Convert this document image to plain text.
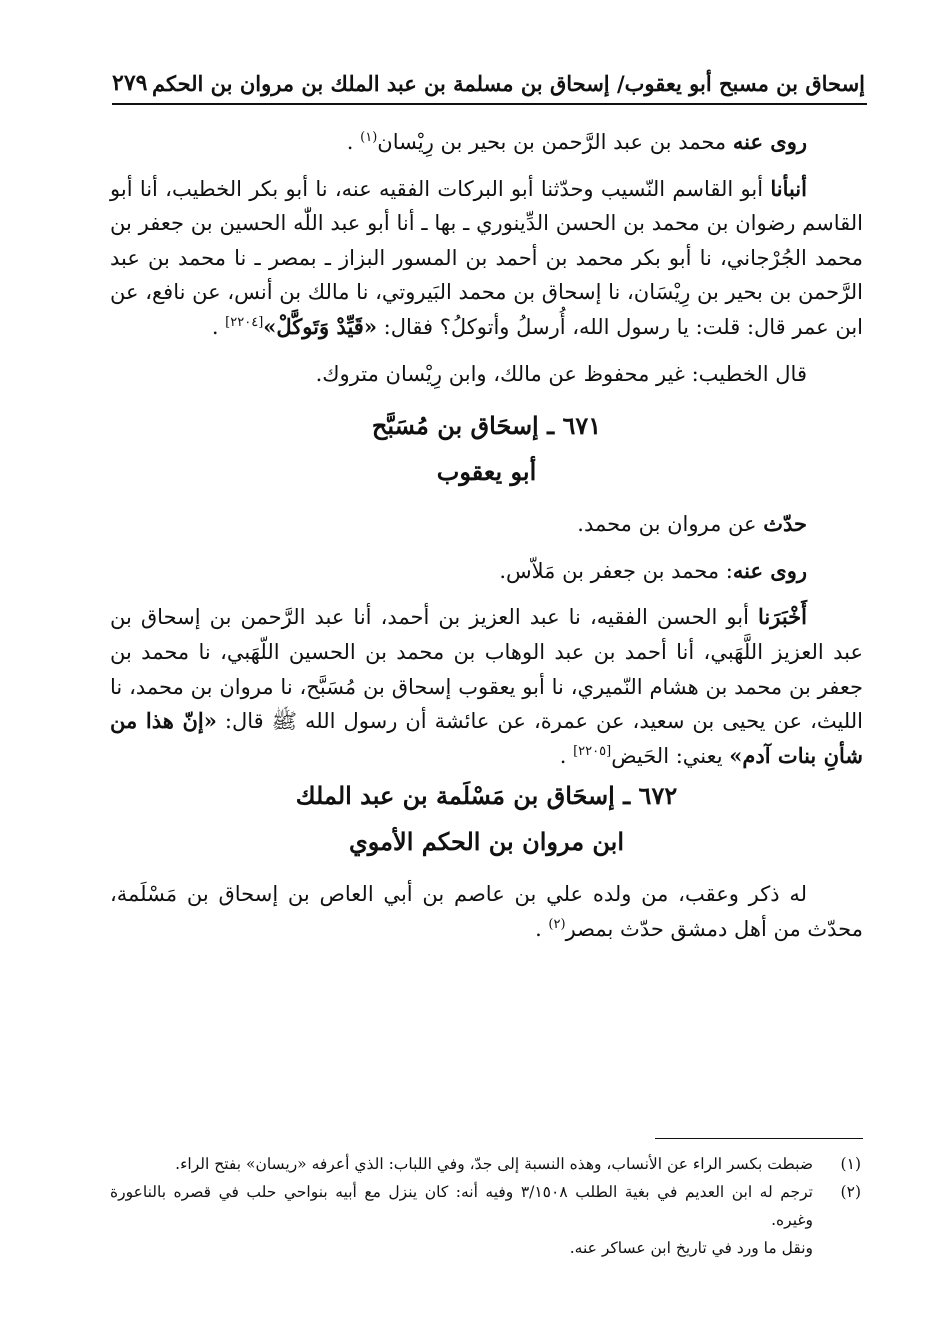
إسحاق بن مسبح أبو يعقوب/ إسحاق بن مسلمة بن عبد الملك بن مروان بن الحكم
٢٧٩

روى عنه محمد بن عبد الرَّحمن بن بحير بن رِيْسان$^{(١)}$ .

أنبأنا أبو القاسم النّسيب وحدّثنا أبو البركات الفقيه عنه، نا أبو بكر الخطيب، أنا أبو القاسم رضوان بن محمد بن الحسن الدِّينوري ـ بها ـ أنا أبو عبد اللّٰه الحسين بن جعفر بن محمد الجُرْجاني، نا أبو بكر محمد بن أحمد بن المسور البزاز ـ بمصر ـ نا محمد بن عبد الرَّحمن بن بحير بن رِيْسَان، نا إسحاق بن محمد البَيروتي، نا مالك بن أنس، عن نافع، عن ابن عمر قال: قلت: يا رسول الله، أُرسلُ وأتوكلُ؟ فقال: «قَيِّدْ وَتَوكَّلْ»[٢٢٠٤] .

قال الخطيب: غير محفوظ عن مالك، وابن رِيْسان متروك.

٦٧١ ـ إسحَاق بن مُسَبَّح

أبو يعقوب

حدّث عن مروان بن محمد.

روى عنه: محمد بن جعفر بن مَلاّس.

أَخْبَرَنا أبو الحسن الفقيه، نا عبد العزيز بن أحمد، أنا عبد الرَّحمن بن إسحاق بن عبد العزيز اللَّهَبي، أنا أحمد بن عبد الوهاب بن محمد بن الحسين اللّهَبي، نا محمد بن جعفر بن محمد بن هشام النّميري، نا أبو يعقوب إسحاق بن مُسَبَّح، نا مروان بن محمد، نا الليث، عن يحيى بن سعيد، عن عمرة، عن عائشة أن رسول الله ﷺ قال: «إنّ هذا من شأنِ بنات آدم» يعني: الحَيض[٢٢٠٥] .

٦٧٢ ـ إسحَاق بن مَسْلَمة بن عبد الملك

ابن مروان بن الحكم الأموي

له ذكر وعقب، من ولده علي بن عاصم بن أبي العاص بن إسحاق بن مَسْلَمة، محدّث من أهل دمشق حدّث بمصر$^{(٢)}$ .

(١)
ضبطت بكسر الراء عن الأنساب، وهذه النسبة إلى جدّ، وفي اللباب: الذي أعرفه «ريسان» بفتح الراء.
(٢)
ترجم له ابن العديم في بغية الطلب ٣/١٥٠٨ وفيه أنه: كان ينزل مع أبيه بنواحي حلب في قصره بالناعورة وغيره.
ونقل ما ورد في تاريخ ابن عساكر عنه.
